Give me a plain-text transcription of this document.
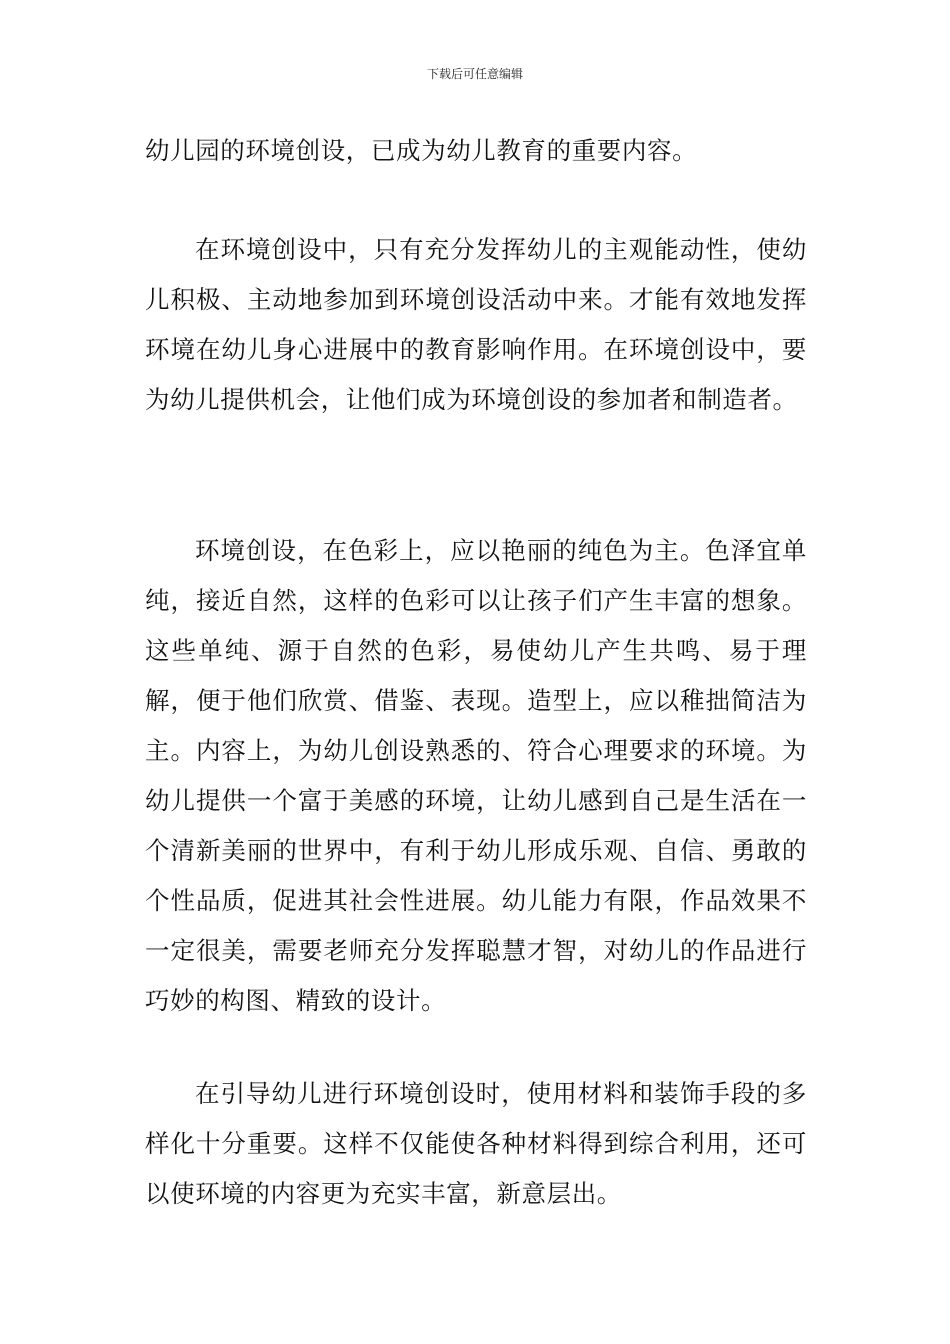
下载后可任意编辑

幼儿园的环境创设，已成为幼儿教育的重要内容。

在环境创设中，只有充分发挥幼儿的主观能动性，使幼儿积极、主动地参加到环境创设活动中来。才能有效地发挥环境在幼儿身心进展中的教育影响作用。在环境创设中，要为幼儿提供机会，让他们成为环境创设的参加者和制造者。

环境创设，在色彩上，应以艳丽的纯色为主。色泽宜单纯，接近自然，这样的色彩可以让孩子们产生丰富的想象。这些单纯、源于自然的色彩，易使幼儿产生共鸣、易于理解，便于他们欣赏、借鉴、表现。造型上，应以稚拙简洁为主。内容上，为幼儿创设熟悉的、符合心理要求的环境。为幼儿提供一个富于美感的环境，让幼儿感到自己是生活在一个清新美丽的世界中，有利于幼儿形成乐观、自信、勇敢的个性品质，促进其社会性进展。幼儿能力有限，作品效果不一定很美，需要老师充分发挥聪慧才智，对幼儿的作品进行巧妙的构图、精致的设计。

在引导幼儿进行环境创设时，使用材料和装饰手段的多样化十分重要。这样不仅能使各种材料得到综合利用，还可以使环境的内容更为充实丰富，新意层出。
